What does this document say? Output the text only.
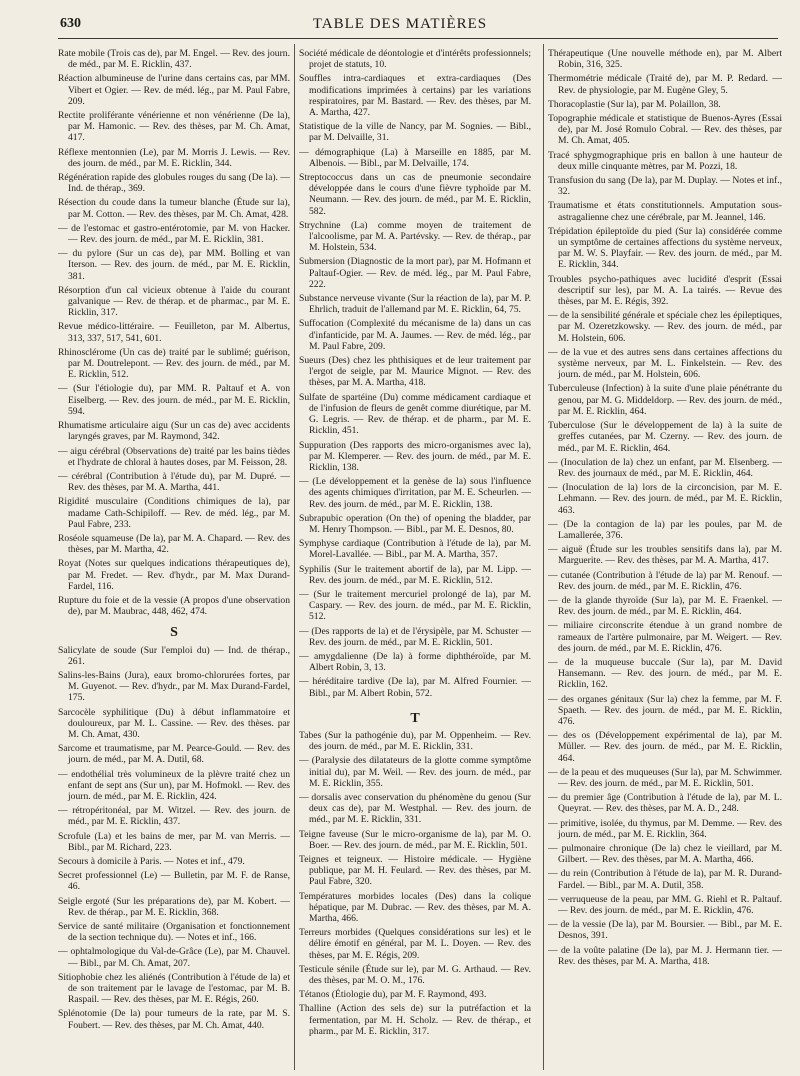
630	TABLE DES MATIÈRES
Rate mobile (Trois cas de), par M. Engel. — Rev. des journ. de méd., par M. E. Ricklin, 437.
Réaction albumineuse de l'urine dans certains cas, par MM. Vibert et Ogier. — Rev. de méd. lég., par M. Paul Fabre, 209.
Rectite proliférante vénérienne et non vénérienne (De la), par M. Hamonic. — Rev. des thèses, par M. Ch. Amat, 417.
Réflexe mentonnien (Le), par M. Morris J. Lewis. — Rev. des journ. de méd., par M. E. Ricklin, 344.
Régénération rapide des globules rouges du sang (De la). — Ind. de thérap., 369.
Résection du coude dans la tumeur blanche (Étude sur la), par M. Cotton. — Rev. des thèses, par M. Ch. Amat, 428.
— de l'estomac et gastro-entérotomie, par M. von Hacker. — Rev. des journ. de méd., par M. E. Ricklin, 381.
— du pylore (Sur un cas de), par MM. Bolling et van Iterson. — Rev. des journ. de méd., par M. E. Ricklin, 381.
Résorption d'un cal vicieux obtenue à l'aide du courant galvanique — Rev. de thérap. et de pharmac., par M. E. Ricklin, 317.
Revue médico-littéraire. — Feuilleton, par M. Albertus, 313, 337, 517, 541, 601.
Rhinosclérome (Un cas de) traité par le sublimé; guérison, par M. Doutrelepont. — Rev. des journ. de méd., par M. E. Ricklin, 512.
— (Sur l'étiologie du), par MM. R. Paltauf et A. von Eiselberg. — Rev. des journ. de méd., par M. E. Ricklin, 594.
Rhumatisme articulaire aigu (Sur un cas de) avec accidents laryngés graves, par M. Raymond, 342.
— aigu cérébral (Observations de) traité par les bains tièdes et l'hydrate de chloral à hautes doses, par M. Feisson, 28.
— cérébral (Contribution à l'étude du), par M. Dupré. — Rev. des thèses, par M. A. Martha, 441.
Rigidité musculaire (Conditions chimiques de la), par madame Cath-Schipiloff. — Rev. de méd. lég., par M. Paul Fabre, 233.
Roséole squameuse (De la), par M. A. Chapard. — Rev. des thèses, par M. Martha, 42.
Royat (Notes sur quelques indications thérapeutiques de), par M. Fredet. — Rev. d'hydr., par M. Max Durand-Fardel, 116.
Rupture du foie et de la vessie (A propos d'une observation de), par M. Maubrac, 448, 462, 474.
S
Salicylate de soude (Sur l'emploi du) — Ind. de thérap., 261.
Salins-les-Bains (Jura), eaux bromo-chlorurées fortes, par M. Guyenot. — Rev. d'hydr., par M. Max Durand-Fardel, 175.
Sarcocèle syphilitique (Du) à début inflammatoire et douloureux, par M. L. Cassine. — Rev. des thèses. par M. Ch. Amat, 430.
Sarcome et traumatisme, par M. Pearce-Gould. — Rev. des journ. de méd., par M. A. Dutil, 68.
— endothélial très volumineux de la plèvre traité chez un enfant de sept ans (Sur un), par M. Hofmokl. — Rev. des journ. de méd., par M. E. Ricklin, 424.
— rétropéritonéal, par M. Witzel. — Rev. des journ. de méd., par M. E. Ricklin, 437.
Scrofule (La) et les bains de mer, par M. van Merris. — Bibl., par M. Richard, 223.
Secours à domicile à Paris. — Notes et inf., 479.
Secret professionnel (Le) — Bulletin, par M. F. de Ranse, 46.
Seigle ergoté (Sur les préparations de), par M. Kobert. — Rev. de thérap., par M. E. Ricklin, 368.
Service de santé militaire (Organisation et fonctionnement de la section technique du). — Notes et inf., 166.
— ophtalmologique du Val-de-Grâce (Le), par M. Chauvel. — Bibl., par M. Ch. Amat, 207.
Sitiophobie chez les aliénés (Contribution à l'étude de la) et de son traitement par le lavage de l'estomac, par M. B. Raspail. — Rev. des thèses, par M. E. Régis, 260.
Splénotomie (De la) pour tumeurs de la rate, par M. S. Foubert. — Rev. des thèses, par M. Ch. Amat, 440.
Société médicale de déontologie et d'intérêts professionnels; projet de statuts, 10.
Souffles intra-cardiaques et extra-cardiaques (Des modifications imprimées à certains) par les variations respiratoires, par M. Bastard. — Rev. des thèses, par M. A. Martha, 427.
Statistique de la ville de Nancy, par M. Sognies. — Bibl., par M. Delvaille, 31.
— démographique (La) à Marseille en 1885, par M. Albenois. — Bibl., par M. Delvaille, 174.
Streptococcus dans un cas de pneumonie secondaire développée dans le cours d'une fièvre typhoïde par M. Neumann. — Rev. des journ. de méd., par M. E. Ricklin, 582.
Strychnine (La) comme moyen de traitement de l'alcoolisme, par M. A. Partévsky. — Rev. de thérap., par M. Holstein, 534.
Submersion (Diagnostic de la mort par), par M. Hofmann et Paltauf-Ogier. — Rev. de méd. lég., par M. Paul Fabre, 222.
Substance nerveuse vivante (Sur la réaction de la), par M. P. Ehrlich, traduit de l'allemand par M. E. Ricklin, 64, 75.
Suffocation (Complexité du mécanisme de la) dans un cas d'infanticide, par M. A. Jaumes. — Rev. de méd. lég., par M. Paul Fabre, 209.
Sueurs (Des) chez les phthisiques et de leur traitement par l'ergot de seigle, par M. Maurice Mignot. — Rev. des thèses, par M. A. Martha, 418.
Sulfate de spartéine (Du) comme médicament cardiaque et de l'infusion de fleurs de genêt comme diurétique, par M. G. Legris. — Rev. de thérap. et de pharm., par M. E. Ricklin, 451.
Suppuration (Des rapports des micro-organismes avec la), par M. Klemperer. — Rev. des journ. de méd., par M. E. Ricklin, 138.
— (Le développement et la genèse de la) sous l'influence des agents chimiques d'irritation, par M. E. Scheurlen. — Rev. des journ. de méd., par M. E. Ricklin, 138.
Subrapubic operation (On the) of opening the bladder, par M. Henry Thompson. — Bibl., par M. E. Desnos, 80.
Symphyse cardiaque (Contribution à l'étude de la), par M. Morel-Lavallée. — Bibl., par M. A. Martha, 357.
Syphilis (Sur le traitement abortif de la), par M. Lipp. — Rev. des journ. de méd., par M. E. Ricklin, 512.
— (Sur le traitement mercuriel prolongé de la), par M. Caspary. — Rev. des journ. de méd., par M. E. Ricklin, 512.
— (Des rapports de la) et de l'érysipèle, par M. Schuster — Rev. des journ. de méd., par M. E. Ricklin, 501.
— amygdalienne (De la) à forme diphthéroïde, par M. Albert Robin, 3, 13.
— héréditaire tardive (De la), par M. Alfred Fournier. — Bibl., par M. Albert Robin, 572.
T
Tabes (Sur la pathogénie du), par M. Oppenheim. — Rev. des journ. de méd., par M. E. Ricklin, 331.
— (Paralysie des dilatateurs de la glotte comme symptôme initial du), par M. Weil. — Rev. des journ. de méd., par M. E. Ricklin, 355.
— dorsalis avec conservation du phénomène du genou (Sur deux cas de), par M. Westphal. — Rev. des journ. de méd., par M. E. Ricklin, 331.
Teigne faveuse (Sur le micro-organisme de la), par M. O. Boer. — Rev. des journ. de méd., par M. E. Ricklin, 501.
Teignes et teigneux. — Histoire médicale. — Hygiène publique, par M. H. Feulard. — Rev. des thèses, par M. Paul Fabre, 320.
Températures morbides locales (Des) dans la colique hépatique, par M. Dubrac. — Rev. des thèses, par M. A. Martha, 466.
Terreurs morbides (Quelques considérations sur les) et le délire émotif en général, par M. L. Doyen. — Rev. des thèses, par M. E. Régis, 209.
Testicule sénile (Étude sur le), par M. G. Arthaud. — Rev. des thèses, par M. O. M., 176.
Tétanos (Étiologie du), par M. F. Raymond, 493.
Thalline (Action des sels de) sur la putréfaction et la fermentation, par M. H. Scholz. — Rev. de thérap., et pharm., par M. E. Ricklin, 317.
Thérapeutique (Une nouvelle méthode en), par M. Albert Robin, 316, 325.
Thermométrie médicale (Traité de), par M. P. Redard. — Rev. de physiologie, par M. Eugène Gley, 5.
Thoracoplastie (Sur la), par M. Polaillon, 38.
Topographie médicale et statistique de Buenos-Ayres (Essai de), par M. José Romulo Cobral. — Rev. des thèses, par M. Ch. Amat, 405.
Tracé sphygmographique pris en ballon à une hauteur de deux mille cinquante mètres, par M. Pozzi, 18.
Transfusion du sang (De la), par M. Duplay. — Notes et inf., 32.
Traumatisme et états constitutionnels. Amputation sous-astragalienne chez une cérébrale, par M. Jeannel, 146.
Trépidation épileptoïde du pied (Sur la) considérée comme un symptôme de certaines affections du système nerveux, par M. W. S. Playfair. — Rev. des journ. de méd., par M. E. Ricklin, 344.
Troubles psycho-pathiques avec lucidité d'esprit (Essai descriptif sur les), par M. A. La tairés. — Revue des thèses, par M. E. Régis, 392.
— de la sensibilité générale et spéciale chez les épileptiques, par M. Ozeretzkowsky. — Rev. des journ. de méd., par M. Holstein, 606.
— de la vue et des autres sens dans certaines affections du système nerveux, par M. L. Finkelstein. — Rev. des journ. de méd., par M. Holstein, 606.
Tuberculeuse (Infection) à la suite d'une plaie pénétrante du genou, par M. G. Middeldorp. — Rev. des journ. de méd., par M. E. Ricklin, 464.
Tuberculose (Sur le développement de la) à la suite de greffes cutanées, par M. Czerny. — Rev. des journ. de méd., par M. E. Ricklin, 464.
— (Inoculation de la) chez un enfant, par M. Elsenberg. — Rev. des journaux de méd., par M. E. Ricklin, 464.
— (Inoculation de la) lors de la circoncision, par M. E. Lehmann. — Rev. des journ. de méd., par M. E. Ricklin, 463.
— (De la contagion de la) par les poules, par M. de Lamallerée, 376.
— aiguë (Étude sur les troubles sensitifs dans la), par M. Marguerite. — Rev. des thèses, par M. A. Martha, 417.
— cutanée (Contribution à l'étude de la) par M. Renouf. — Rev. des journ. de méd., par M. E. Ricklin, 476.
— de la glande thyroïde (Sur la), par M. E. Fraenkel. — Rev. des journ. de méd., par M. E. Ricklin, 464.
— miliaire circonscrite étendue à un grand nombre de rameaux de l'artère pulmonaire, par M. Weigert. — Rev. des journ. de méd., par M. E. Ricklin, 476.
— de la muqueuse buccale (Sur la), par M. David Hansemann. — Rev. des journ. de méd., par M. E. Ricklin, 162.
— des organes génitaux (Sur la) chez la femme, par M. F. Spaeth. — Rev. des journ. de méd., par M. E. Ricklin, 476.
— des os (Développement expérimental de la), par M. Müller. — Rev. des journ. de méd., par M. E. Ricklin, 464.
— de la peau et des muqueuses (Sur la), par M. Schwimmer. — Rev. des journ. de méd., par M. E. Ricklin, 501.
— du premier âge (Contribution à l'étude de la), par M. L. Queyrat. — Rev. des thèses, par M. A. D., 248.
— primitive, isolée, du thymus, par M. Demme. — Rev. des journ. de méd., par M. E. Ricklin, 364.
— pulmonaire chronique (De la) chez le vieillard, par M. Gilbert. — Rev. des thèses, par M. A. Martha, 466.
— du rein (Contribution à l'étude de la), par M. R. Durand-Fardel. — Bibl., par M. A. Dutil, 358.
— verruqueuse de la peau, par MM. G. Riehl et R. Paltauf. — Rev. des journ. de méd., par M. E. Ricklin, 476.
— de la vessie (De la), par M. Boursier. — Bibl., par M. E. Desnos, 391.
— de la voûte palatine (De la), par M. J. Hermann tier. — Rev. des thèses, par M. A. Martha, 418.
